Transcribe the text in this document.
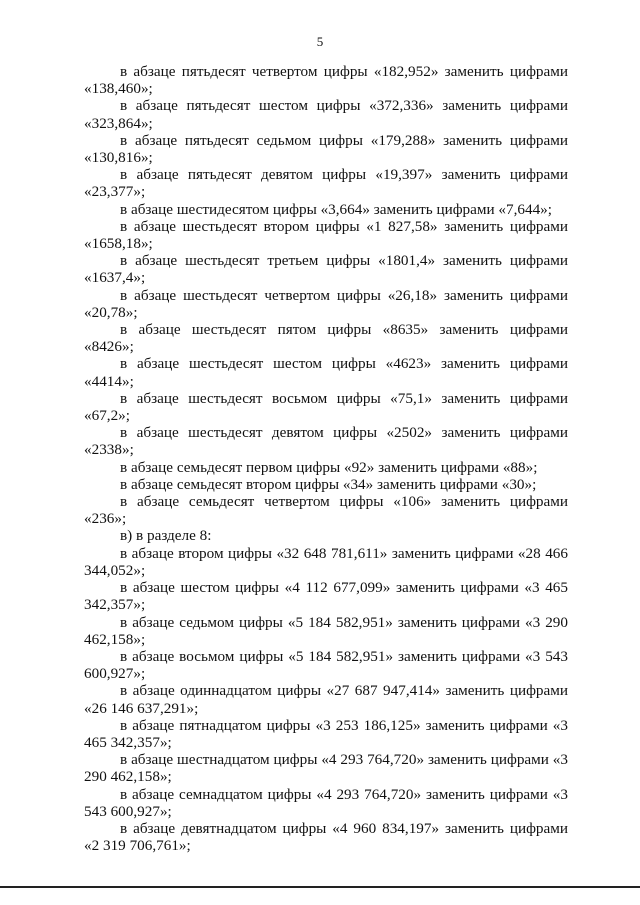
5

в абзаце пятьдесят четвертом цифры «182,952» заменить цифрами «138,460»;

в абзаце пятьдесят шестом цифры «372,336» заменить цифрами «323,864»;

в абзаце пятьдесят седьмом цифры «179,288» заменить цифрами «130,816»;

в абзаце пятьдесят девятом цифры «19,397» заменить цифрами «23,377»;

в абзаце шестидесятом цифры «3,664» заменить цифрами «7,644»;

в абзаце шестьдесят втором цифры «1 827,58» заменить цифрами «1658,18»;

в абзаце шестьдесят третьем цифры «1801,4» заменить цифрами «1637,4»;

в абзаце шестьдесят четвертом цифры «26,18» заменить цифрами «20,78»;

в абзаце шестьдесят пятом цифры «8635» заменить цифрами «8426»;

в абзаце шестьдесят шестом цифры «4623» заменить цифрами «4414»;

в абзаце шестьдесят восьмом цифры «75,1» заменить цифрами «67,2»;

в абзаце шестьдесят девятом цифры «2502» заменить цифрами «2338»;

в абзаце семьдесят первом цифры «92» заменить цифрами «88»;

в абзаце семьдесят втором цифры «34» заменить цифрами «30»;

в абзаце семьдесят четвертом цифры «106» заменить цифрами «236»;

в) в разделе 8:

в абзаце втором цифры «32 648 781,611» заменить цифрами «28 466 344,052»;

в абзаце шестом цифры «4 112 677,099» заменить цифрами «3 465 342,357»;

в абзаце седьмом цифры «5 184 582,951» заменить цифрами «3 290 462,158»;

в абзаце восьмом цифры «5 184 582,951» заменить цифрами «3 543 600,927»;

в абзаце одиннадцатом цифры «27 687 947,414» заменить цифрами «26 146 637,291»;

в абзаце пятнадцатом цифры «3 253 186,125» заменить цифрами «3 465 342,357»;

в абзаце шестнадцатом цифры «4 293 764,720» заменить цифрами «3 290 462,158»;

в абзаце семнадцатом цифры «4 293 764,720» заменить цифрами «3 543 600,927»;

в абзаце девятнадцатом цифры «4 960 834,197» заменить цифрами «2 319 706,761»;
